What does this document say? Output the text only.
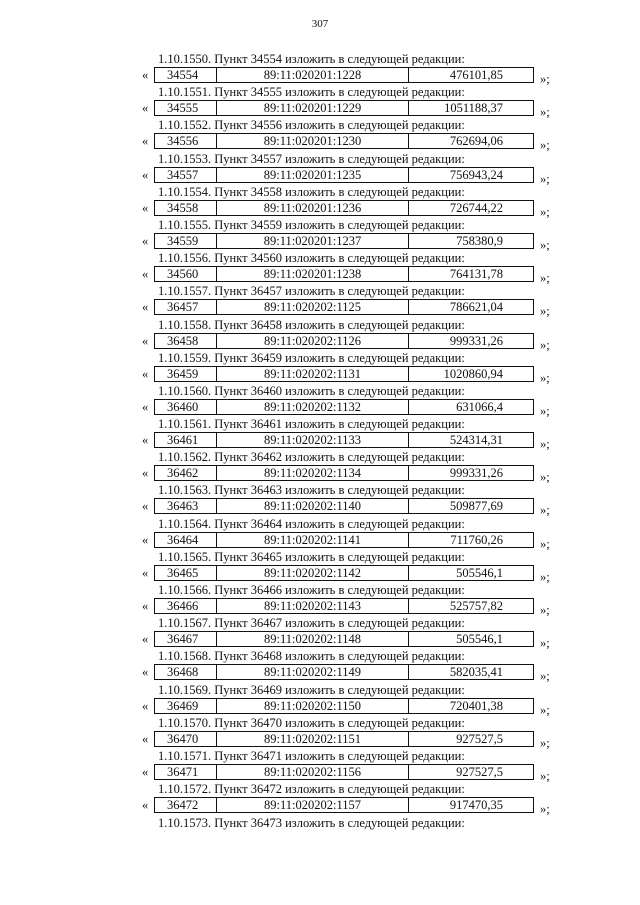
307
1.10.1550. Пункт 34554 изложить в следующей редакции:
«	34554	89:11:020201:1228	476101,85	»;
1.10.1551. Пункт 34555 изложить в следующей редакции:
«	34555	89:11:020201:1229	1051188,37	»;
1.10.1552. Пункт 34556 изложить в следующей редакции:
«	34556	89:11:020201:1230	762694,06	»;
1.10.1553. Пункт 34557 изложить в следующей редакции:
«	34557	89:11:020201:1235	756943,24	»;
1.10.1554. Пункт 34558 изложить в следующей редакции:
«	34558	89:11:020201:1236	726744,22	»;
1.10.1555. Пункт 34559 изложить в следующей редакции:
«	34559	89:11:020201:1237	758380,9	»;
1.10.1556. Пункт 34560 изложить в следующей редакции:
«	34560	89:11:020201:1238	764131,78	»;
1.10.1557. Пункт 36457 изложить в следующей редакции:
«	36457	89:11:020202:1125	786621,04	»;
1.10.1558. Пункт 36458 изложить в следующей редакции:
«	36458	89:11:020202:1126	999331,26	»;
1.10.1559. Пункт 36459 изложить в следующей редакции:
«	36459	89:11:020202:1131	1020860,94	»;
1.10.1560. Пункт 36460 изложить в следующей редакции:
«	36460	89:11:020202:1132	631066,4	»;
1.10.1561. Пункт 36461 изложить в следующей редакции:
«	36461	89:11:020202:1133	524314,31	»;
1.10.1562. Пункт 36462 изложить в следующей редакции:
«	36462	89:11:020202:1134	999331,26	»;
1.10.1563. Пункт 36463 изложить в следующей редакции:
«	36463	89:11:020202:1140	509877,69	»;
1.10.1564. Пункт 36464 изложить в следующей редакции:
«	36464	89:11:020202:1141	711760,26	»;
1.10.1565. Пункт 36465 изложить в следующей редакции:
«	36465	89:11:020202:1142	505546,1	»;
1.10.1566. Пункт 36466 изложить в следующей редакции:
«	36466	89:11:020202:1143	525757,82	»;
1.10.1567. Пункт 36467 изложить в следующей редакции:
«	36467	89:11:020202:1148	505546,1	»;
1.10.1568. Пункт 36468 изложить в следующей редакции:
«	36468	89:11:020202:1149	582035,41	»;
1.10.1569. Пункт 36469 изложить в следующей редакции:
«	36469	89:11:020202:1150	720401,38	»;
1.10.1570. Пункт 36470 изложить в следующей редакции:
«	36470	89:11:020202:1151	927527,5	»;
1.10.1571. Пункт 36471 изложить в следующей редакции:
«	36471	89:11:020202:1156	927527,5	»;
1.10.1572. Пункт 36472 изложить в следующей редакции:
«	36472	89:11:020202:1157	917470,35	»;
1.10.1573. Пункт 36473 изложить в следующей редакции:
